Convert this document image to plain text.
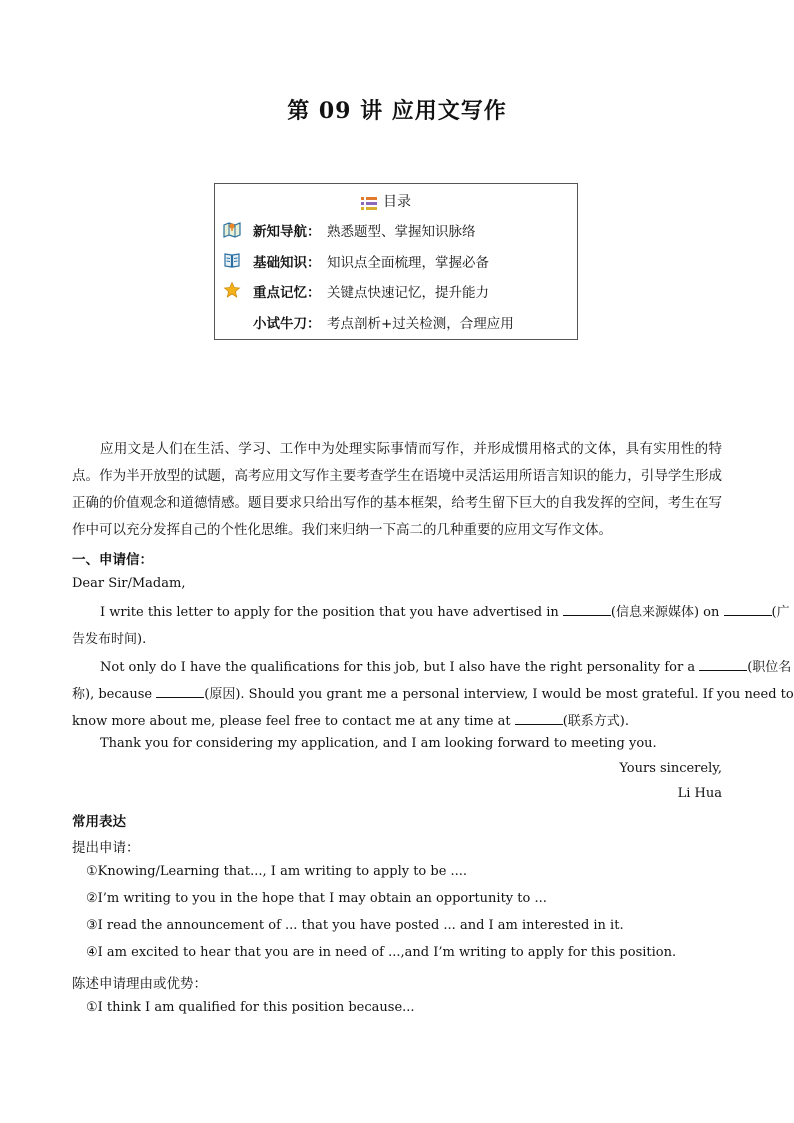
第 09 讲 应用文写作
目录
新知导航： 熟悉题型、掌握知识脉络
基础知识： 知识点全面梳理，掌握必备
重点记忆： 关键点快速记忆，提升能力
小试牛刀： 考点剖析+过关检测，合理应用
应用文是人们在生活、学习、工作中为处理实际事情而写作，并形成惯用格式的文体，具有实用性的特点。作为半开放型的试题，高考应用文写作主要考查学生在语境中灵活运用所语言知识的能力，引导学生形成正确的价值观念和道德情感。题目要求只给出写作的基本框架，给考生留下巨大的自我发挥的空间，考生在写作中可以充分发挥自己的个性化思维。我们来归纳一下高二的几种重要的应用文写作文体。
一、申请信：
Dear Sir/Madam,
I write this letter to apply for the position that you have advertised in	(信息来源媒体) on	(广
告发布时间).
Not only do I have the qualifications for this job, but I also have the right personality for a	(职位名
称), because	(原因). Should you grant me a personal interview, I would be most grateful. If you need to
know more about me, please feel free to contact me at any time at	(联系方式).
Thank you for considering my application, and I am looking forward to meeting you.
Yours sincerely,
Li Hua
常用表达
提出申请：
①Knowing/Learning that..., I am writing to apply to be ....
②I’m writing to you in the hope that I may obtain an opportunity to ...
③I read the announcement of ... that you have posted ... and I am interested in it.
④I am excited to hear that you are in need of ...,and I’m writing to apply for this position.
陈述申请理由或优势：
①I think I am qualified for this position because...
